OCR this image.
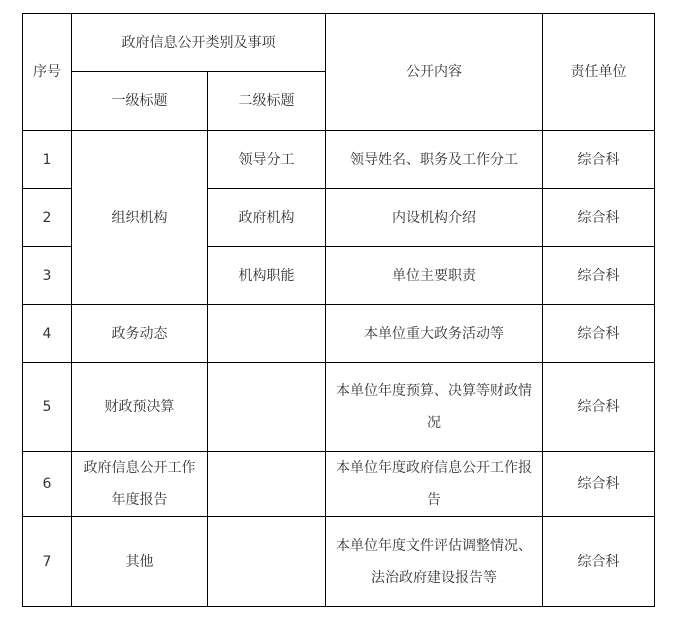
序号	政府信息公开类别及事项		公开内容	责任单位
	一级标题	二级标题		
1	组织机构	领导分工	领导姓名、职务及工作分工	综合科
2		政府机构	内设机构介绍	综合科
3		机构职能	单位主要职责	综合科
4	政务动态		本单位重大政务活动等	综合科
5	财政预决算		本单位年度预算、决算等财政情况	综合科
6	政府信息公开工作年度报告		本单位年度政府信息公开工作报告	综合科
7	其他		本单位年度文件评估调整情况、法治政府建设报告等	综合科
